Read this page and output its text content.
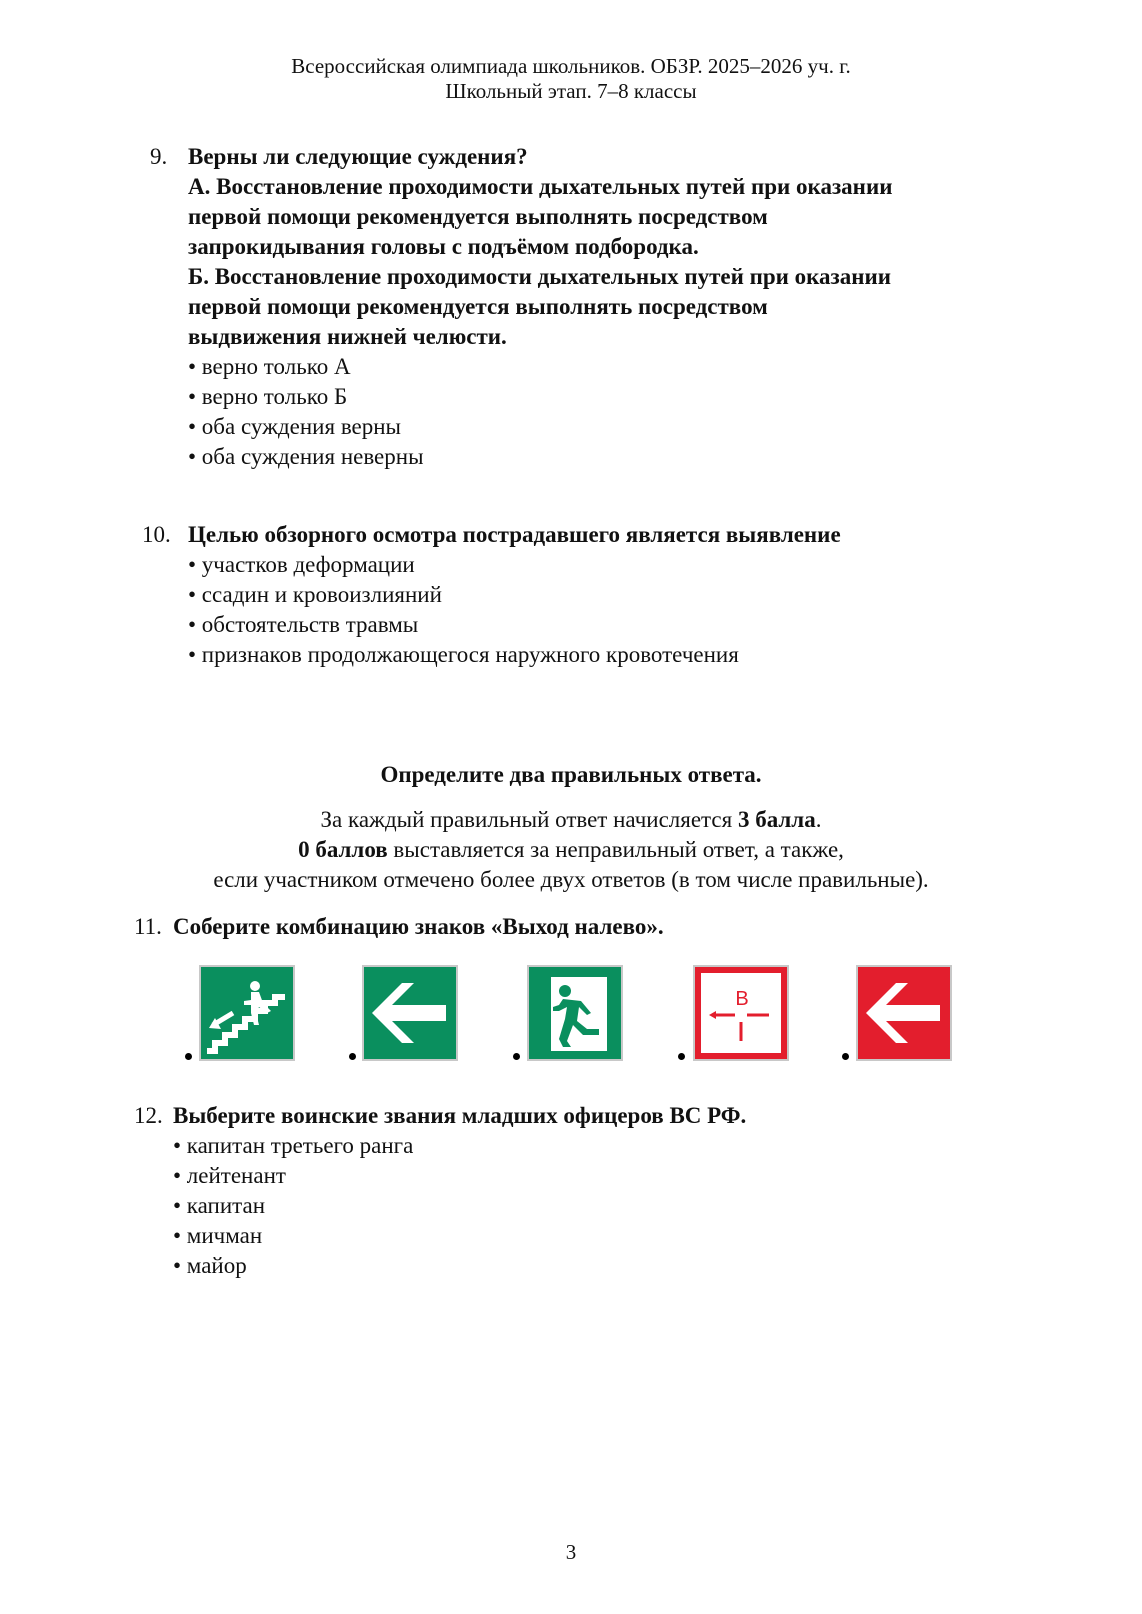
Всероссийская олимпиада школьников. ОБЗР. 2025–2026 уч. г.
Школьный этап. 7–8 классы
9. Верны ли следующие суждения?
А. Восстановление проходимости дыхательных путей при оказании
первой помощи рекомендуется выполнять посредством
запрокидывания головы с подъёмом подбородка.
Б. Восстановление проходимости дыхательных путей при оказании
первой помощи рекомендуется выполнять посредством
выдвижения нижней челюсти.
• верно только А
• верно только Б
• оба суждения верны
• оба суждения неверны
10. Целью обзорного осмотра пострадавшего является выявление
• участков деформации
• ссадин и кровоизлияний
• обстоятельств травмы
• признаков продолжающегося наружного кровотечения
Определите два правильных ответа.
За каждый правильный ответ начисляется 3 балла.
0 баллов выставляется за неправильный ответ, а также,
если участником отмечено более двух ответов (в том числе правильные).
11. Соберите комбинацию знаков «Выход налево».
В
12. Выберите воинские звания младших офицеров ВС РФ.
• капитан третьего ранга
• лейтенант
• капитан
• мичман
• майор
3
